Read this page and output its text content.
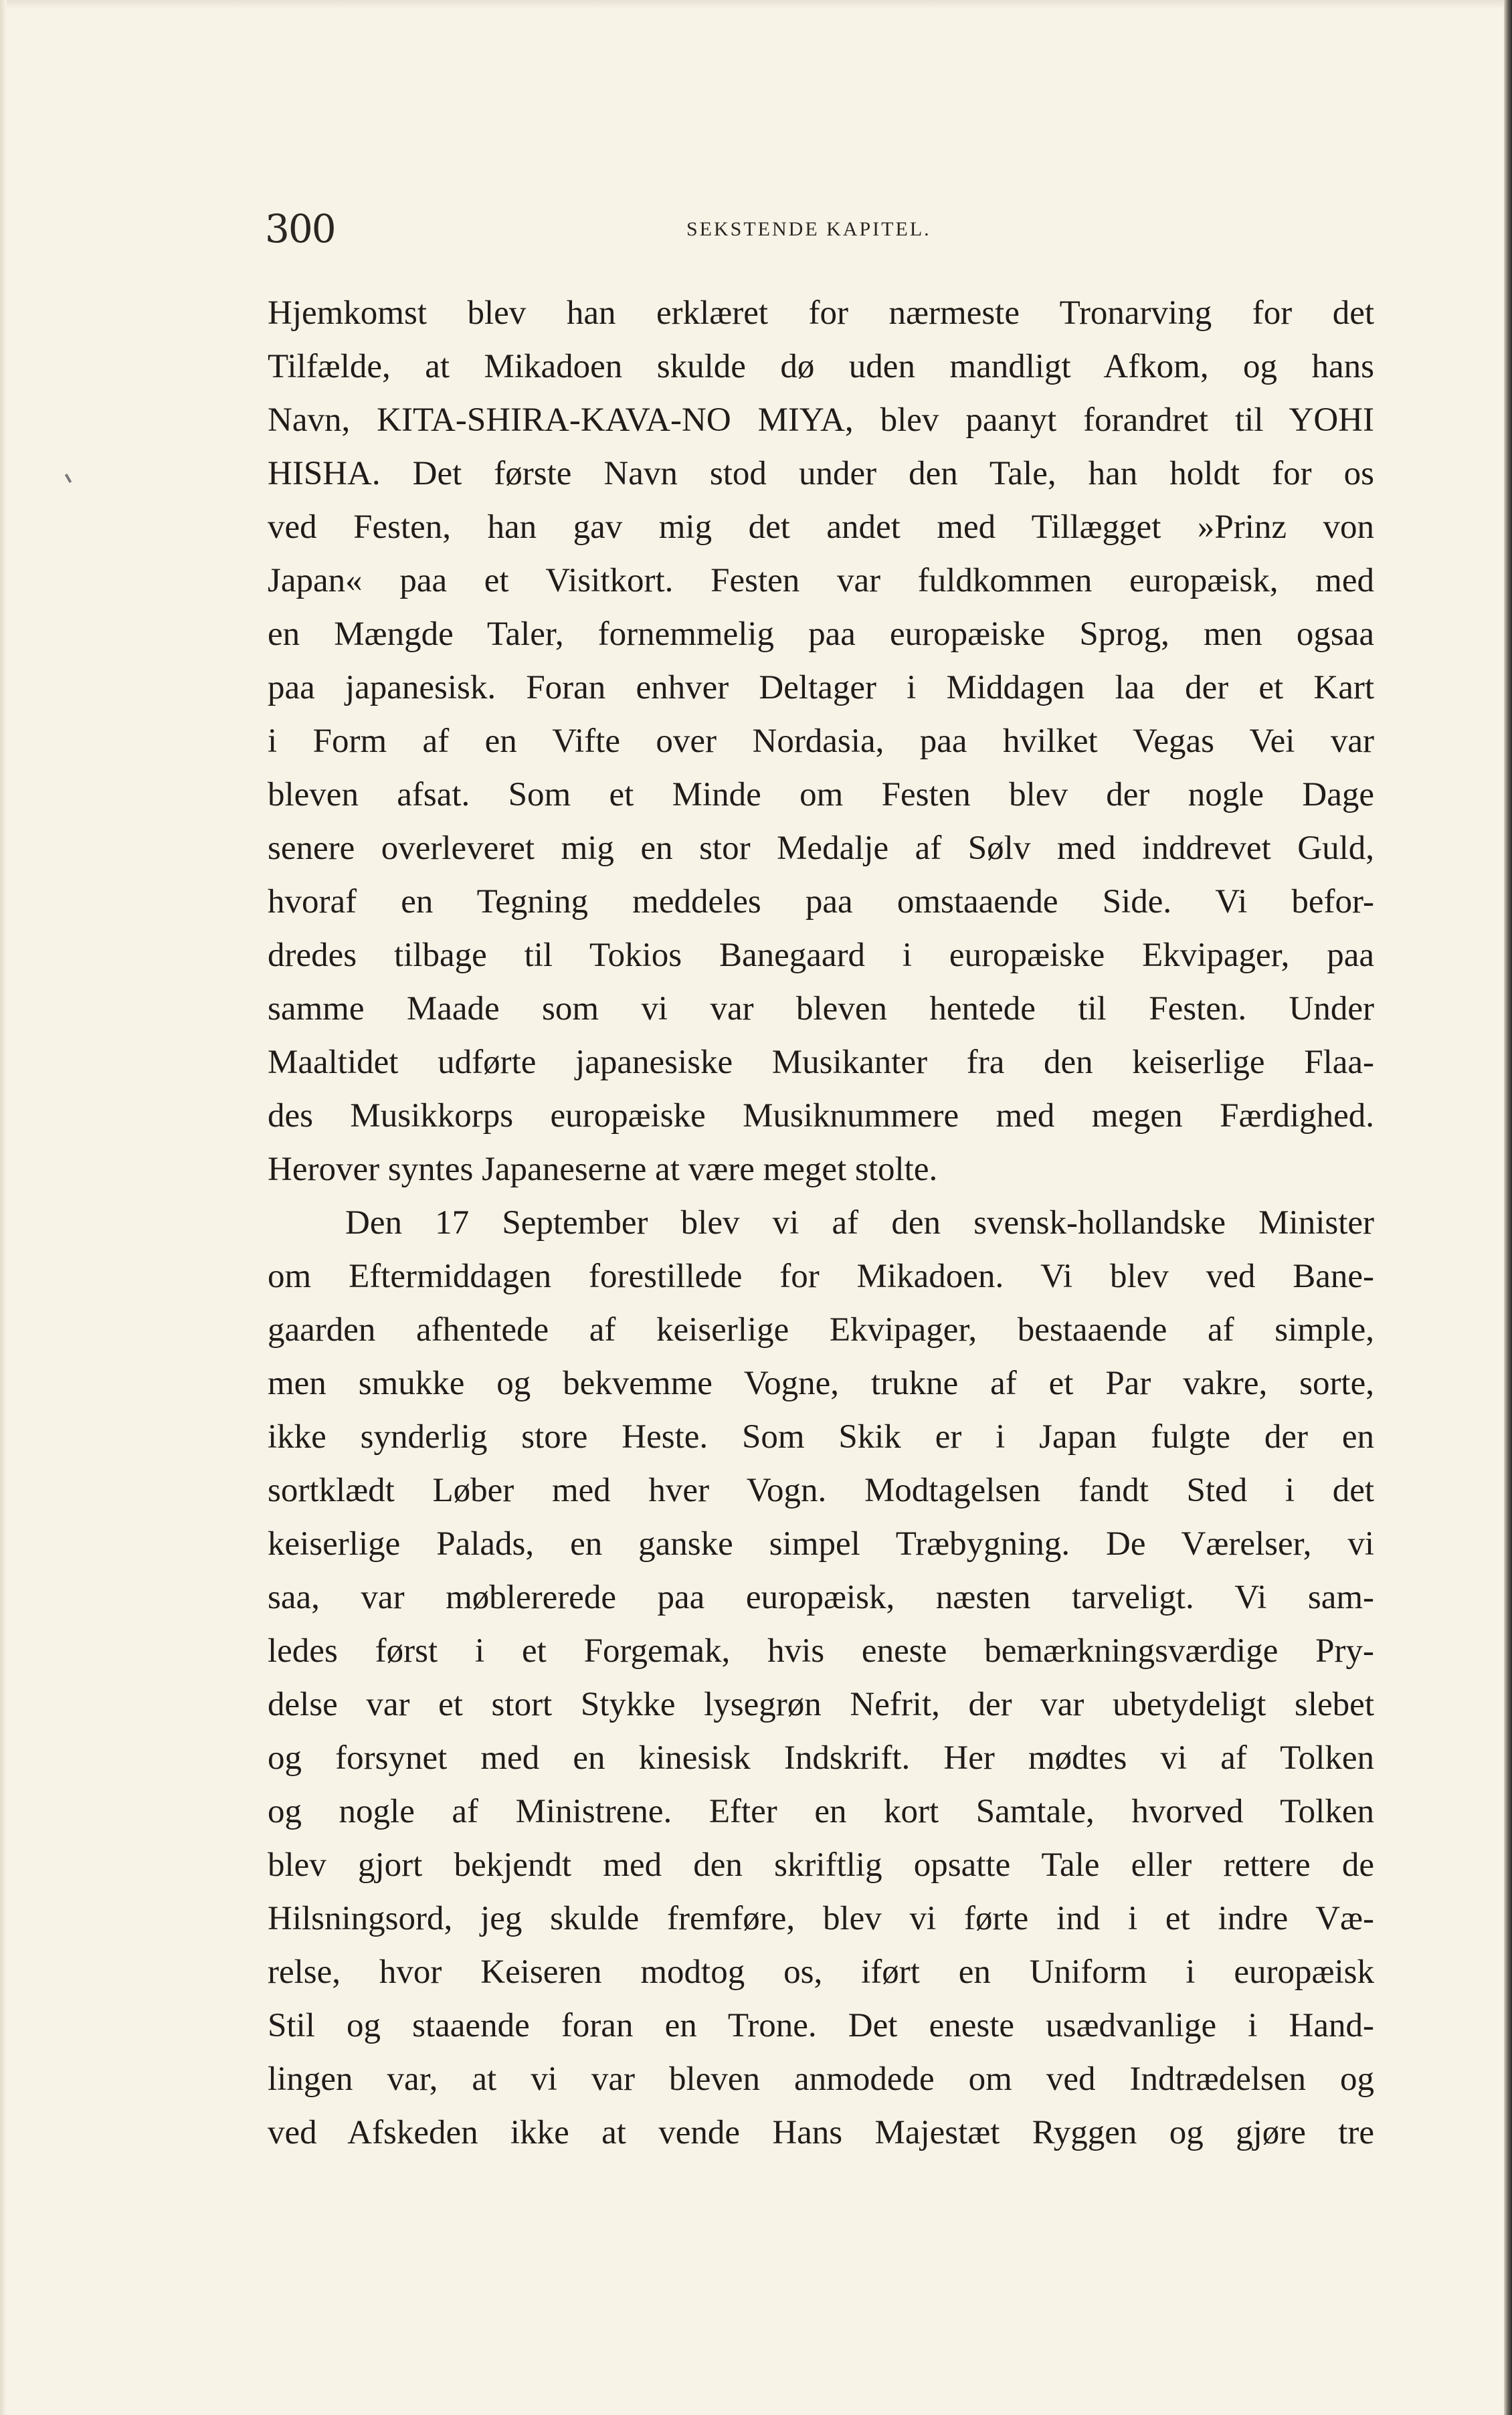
300	SEKSTENDE KAPITEL.
Hjemkomst blev han erklæret for nærmeste Tronarving for det
Tilfælde, at Mikadoen skulde dø uden mandligt Afkom, og hans
Navn, KITA-SHIRA-KAVA-NO MIYA, blev paanyt forandret til YOHI
HISHA. Det første Navn stod under den Tale, han holdt for os
ved Festen, han gav mig det andet med Tillægget »Prinz von
Japan« paa et Visitkort. Festen var fuldkommen europæisk, med
en Mængde Taler, fornemmelig paa europæiske Sprog, men ogsaa
paa japanesisk. Foran enhver Deltager i Middagen laa der et Kart
i Form af en Vifte over Nordasia, paa hvilket Vegas Vei var
bleven afsat. Som et Minde om Festen blev der nogle Dage
senere overleveret mig en stor Medalje af Sølv med inddrevet Guld,
hvoraf en Tegning meddeles paa omstaaende Side. Vi befor-
dredes tilbage til Tokios Banegaard i europæiske Ekvipager, paa
samme Maade som vi var bleven hentede til Festen. Under
Maaltidet udførte japanesiske Musikanter fra den keiserlige Flaa-
des Musikkorps europæiske Musiknummere med megen Færdighed.
Herover syntes Japaneserne at være meget stolte.
Den 17 September blev vi af den svensk-hollandske Minister
om Eftermiddagen forestillede for Mikadoen. Vi blev ved Bane-
gaarden afhentede af keiserlige Ekvipager, bestaaende af simple,
men smukke og bekvemme Vogne, trukne af et Par vakre, sorte,
ikke synderlig store Heste. Som Skik er i Japan fulgte der en
sortklædt Løber med hver Vogn. Modtagelsen fandt Sted i det
keiserlige Palads, en ganske simpel Træbygning. De Værelser, vi
saa, var møblererede paa europæisk, næsten tarveligt. Vi sam-
ledes først i et Forgemak, hvis eneste bemærkningsværdige Pry-
delse var et stort Stykke lysegrøn Nefrit, der var ubetydeligt slebet
og forsynet med en kinesisk Indskrift. Her mødtes vi af Tolken
og nogle af Ministrene. Efter en kort Samtale, hvorved Tolken
blev gjort bekjendt med den skriftlig opsatte Tale eller rettere de
Hilsningsord, jeg skulde fremføre, blev vi førte ind i et indre Væ-
relse, hvor Keiseren modtog os, iført en Uniform i europæisk
Stil og staaende foran en Trone. Det eneste usædvanlige i Hand-
lingen var, at vi var bleven anmodede om ved Indtrædelsen og
ved Afskeden ikke at vende Hans Majestæt Ryggen og gjøre tre
